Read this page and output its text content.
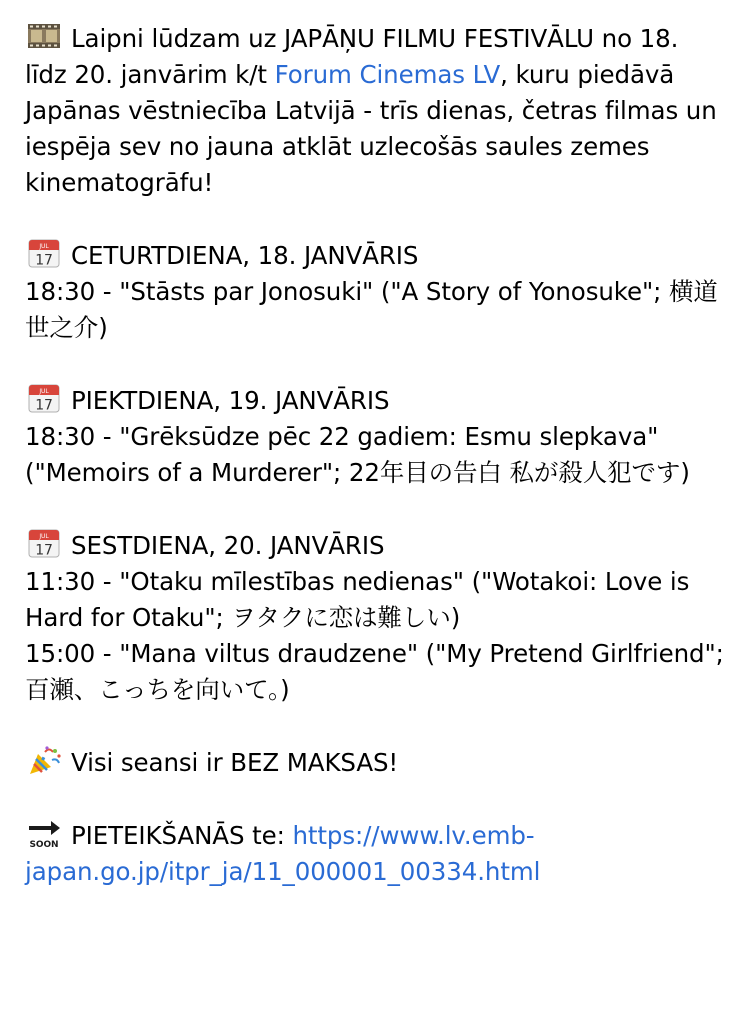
Laipni lūdzam uz JAPĀŅU FILMU FESTIVĀLU no 18. līdz 20. janvārim k/t Forum Cinemas LV, kuru piedāvā Japānas vēstniecība Latvijā - trīs dienas, četras filmas un iespēja sev no jauna atklāt uzlecošās saules zemes kinematogrāfu!

JUL
17 CETURTDIENA, 18. JANVĀRIS
18:30 - "Stāsts par Jonosuki" ("A Story of Yonosuke"; 横道世之介)

JUL
17 PIEKTDIENA, 19. JANVĀRIS
18:30 - "Grēksūdze pēc 22 gadiem: Esmu slepkava" ("Memoirs of a Murderer"; 22年目の告白 私が殺人犯です)

JUL
17 SESTDIENA, 20. JANVĀRIS
11:30 - "Otaku mīlestības nedienas" ("Wotakoi: Love is Hard for Otaku"; ヲタクに恋は難しい)
15:00 - "Mana viltus draudzene" ("My Pretend Girlfriend"; 百瀬、こっちを向いて。)

Visi seansi ir BEZ MAKSAS!

SOON PIETEIKŠANĀS te: https://www.lv.emb-japan.go.jp/itpr_ja/11_000001_00334.html
